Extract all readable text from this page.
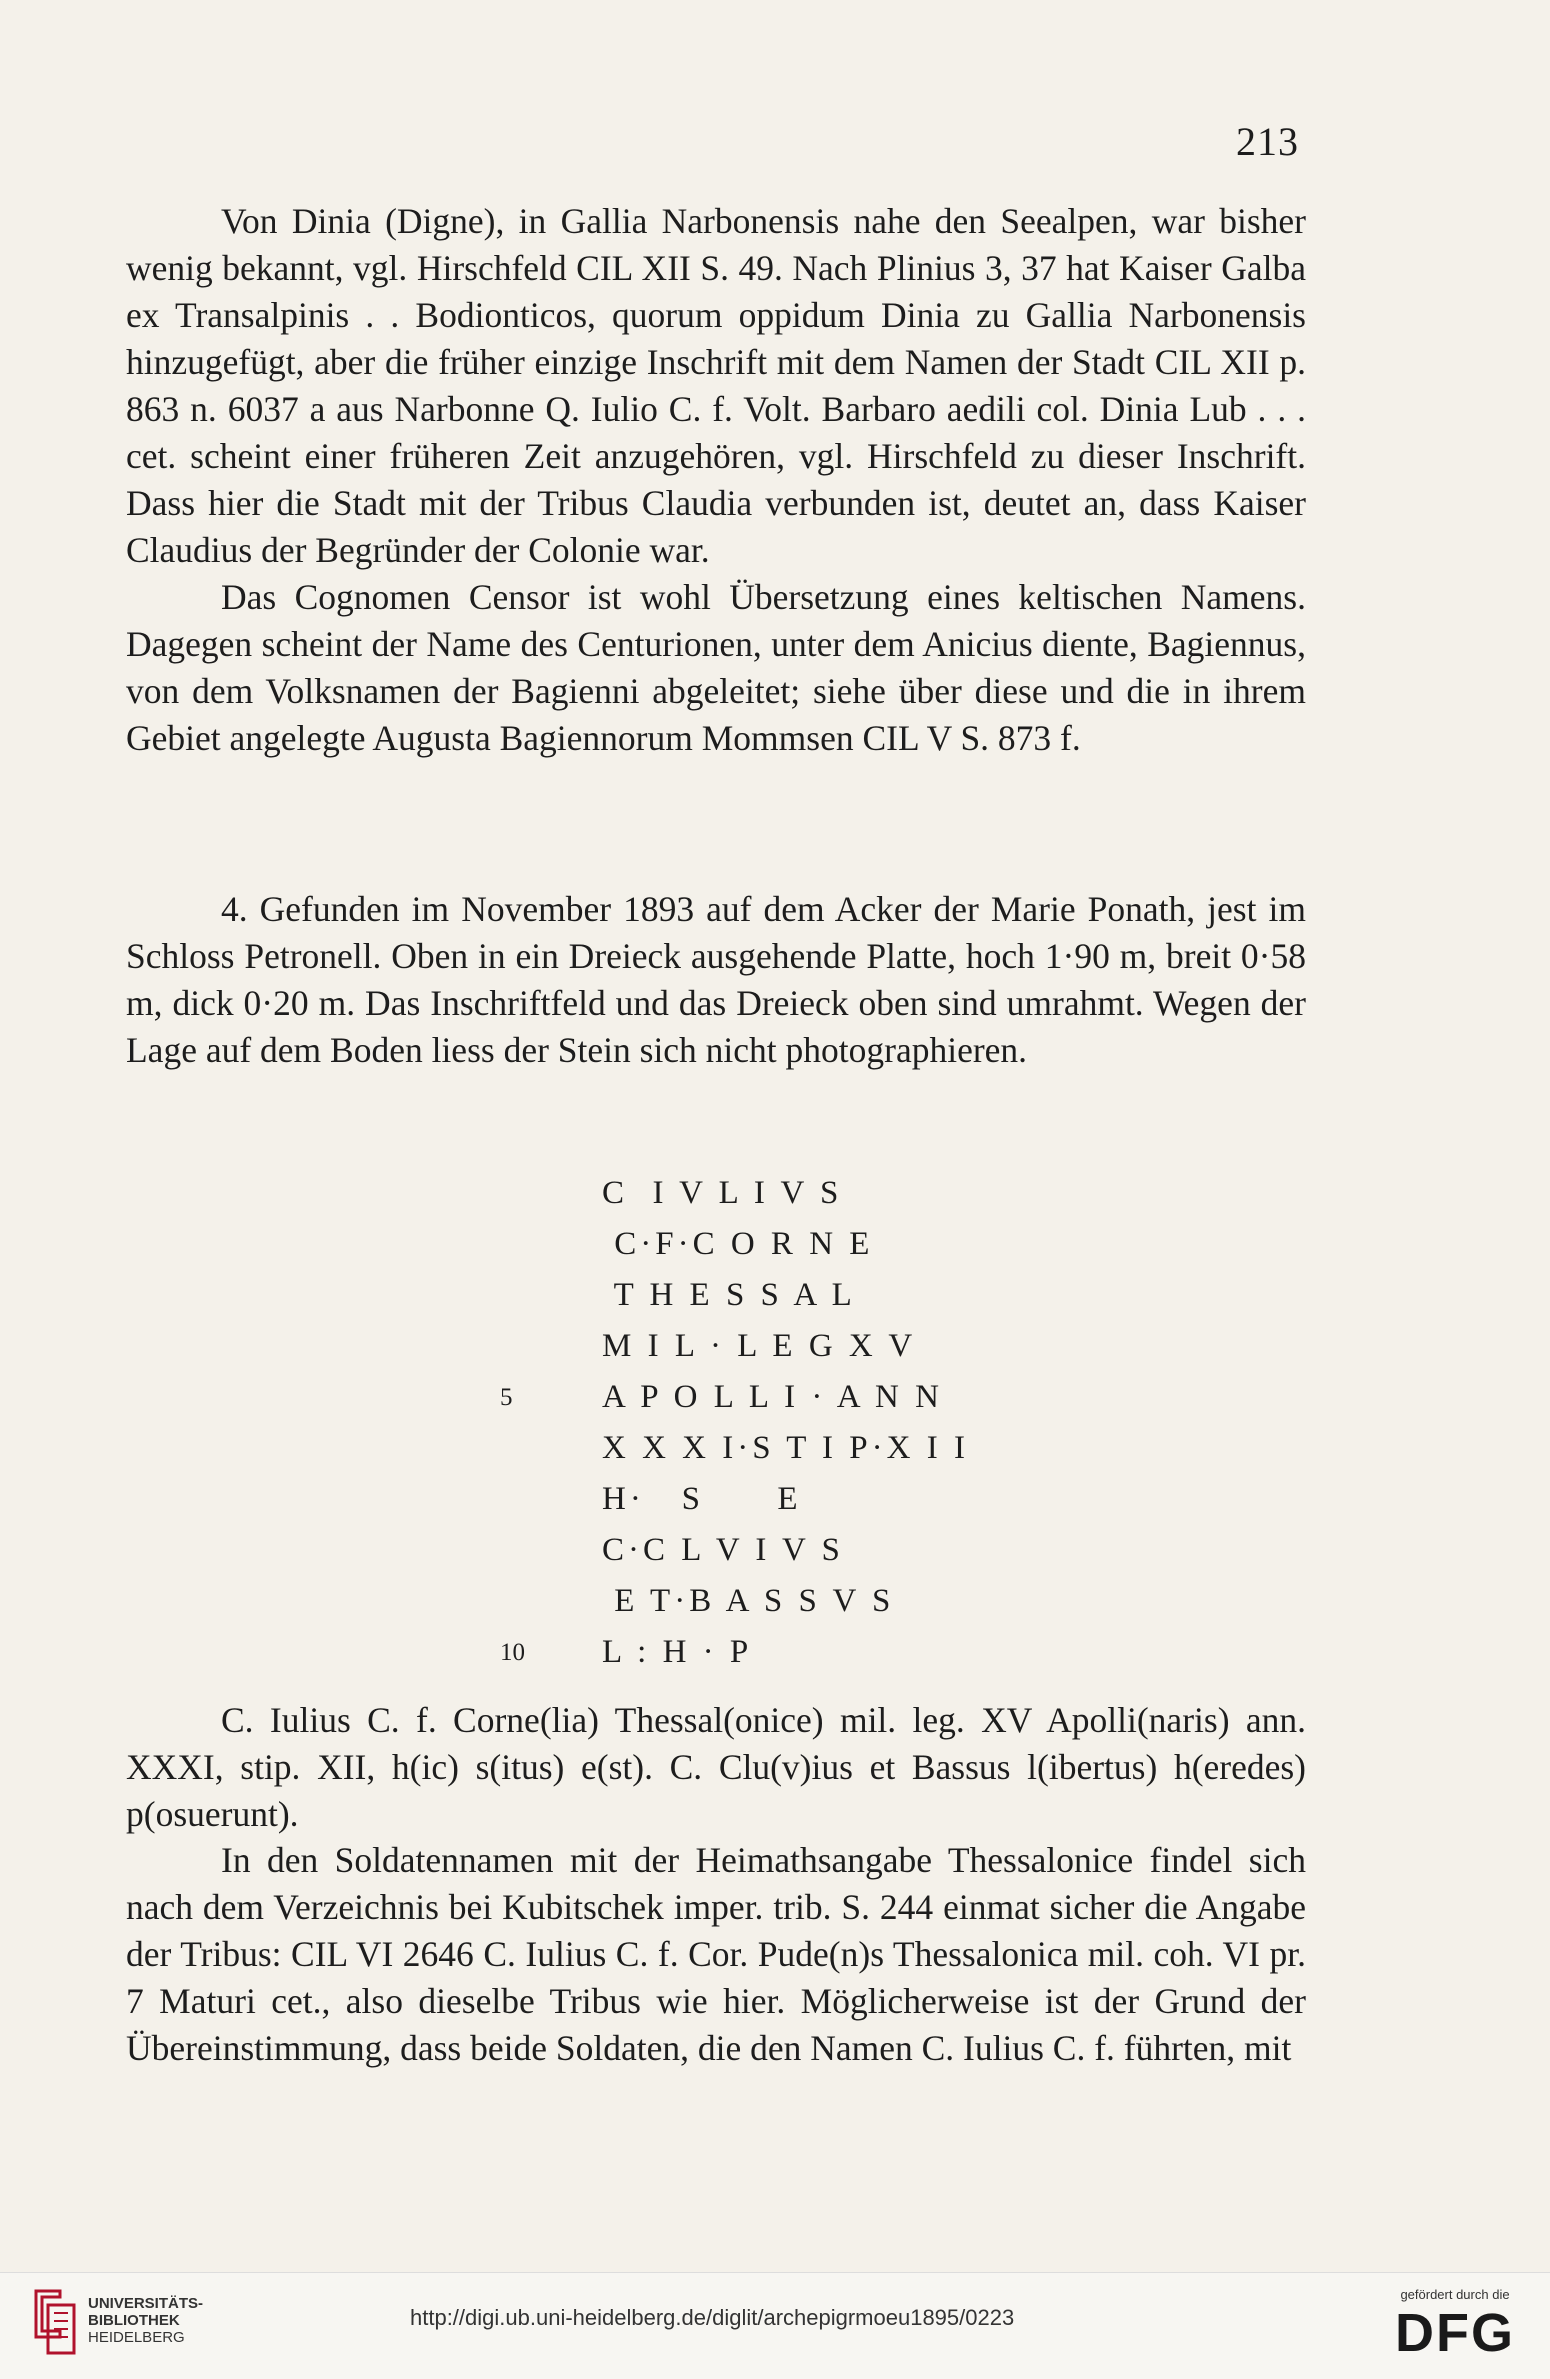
213

Von Dinia (Digne), in Gallia Narbonensis nahe den Seealpen, war bisher wenig bekannt, vgl. Hirschfeld CIL XII S. 49. Nach Plinius 3, 37 hat Kaiser Galba ex Transalpinis . . Bodionticos, quorum oppidum Dinia zu Gallia Narbonensis hinzugefügt, aber die früher einzige Inschrift mit dem Namen der Stadt CIL XII p. 863 n. 6037 a aus Narbonne Q. Iulio C. f. Volt. Barbaro aedili col. Dinia Lub . . . cet. scheint einer früheren Zeit anzugehören, vgl. Hirschfeld zu dieser Inschrift. Dass hier die Stadt mit der Tribus Claudia verbunden ist, deutet an, dass Kaiser Claudius der Begründer der Colonie war.

Das Cognomen Censor ist wohl Übersetzung eines keltischen Namens. Dagegen scheint der Name des Centurionen, unter dem Anicius diente, Bagiennus, von dem Volksnamen der Bagienni abgeleitet; siehe über diese und die in ihrem Gebiet angelegte Augusta Bagiennorum Mommsen CIL V S. 873 f.

4. Gefunden im November 1893 auf dem Acker der Marie Ponath, jest im Schloss Petronell. Oben in ein Dreieck ausgehende Platte, hoch 1·90 m, breit 0·58 m, dick 0·20 m. Das Inschriftfeld und das Dreieck oben sind umrahmt. Wegen der Lage auf dem Boden liess der Stein sich nicht photographieren.

C  I V L I V S
C·F·C O R N E
T H E S S A L
M I L · L E G X V
5	A P O L L I · A N N
X X X I·S T I P·X I I
H·   S      E
C·C L V I V S
E T·B A S S V S
10 L : H · P

C. Iulius C. f. Corne(lia) Thessal(onice) mil. leg. XV Apolli(naris) ann. XXXI, stip. XII, h(ic) s(itus) e(st). C. Clu(v)ius et Bassus l(ibertus) h(eredes) p(osuerunt).

In den Soldatennamen mit der Heimathsangabe Thessalonice findel sich nach dem Verzeichnis bei Kubitschek imper. trib. S. 244 einmat sicher die Angabe der Tribus: CIL VI 2646 C. Iulius C. f. Cor. Pude(n)s Thessalonica mil. coh. VI pr. 7 Maturi cet., also dieselbe Tribus wie hier. Möglicherweise ist der Grund der Übereinstimmung, dass beide Soldaten, die den Namen C. Iulius C. f. führten, mit

UNIVERSITÄTS-
BIBLIOTHEK
HEIDELBERG
http://digi.ub.uni-heidelberg.de/diglit/archepigrmoeu1895/0223
gefördert durch die
DFG
